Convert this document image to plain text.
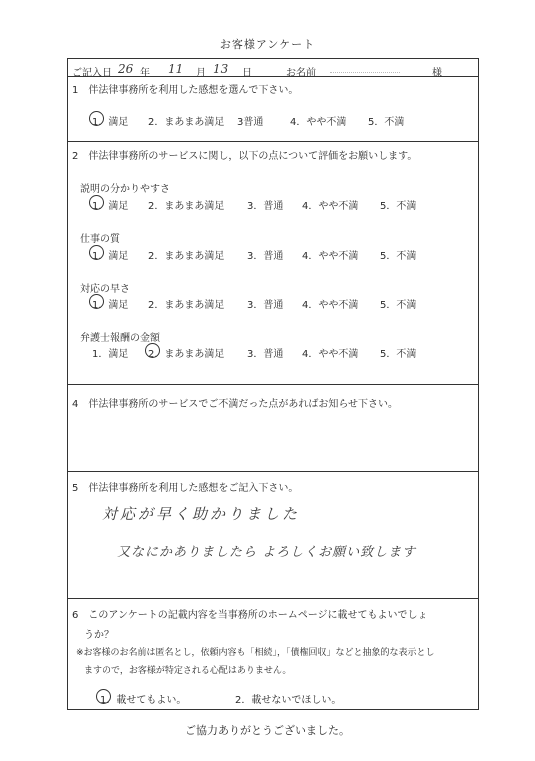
お客様アンケート
ご記入日 26 年 11 月 13 日	お名前	様
1　伴法律事務所を利用した感想を選んで下さい。
1．満足 2．まあまあ満足 3普通	4．やや不満 5．不満
2　伴法律事務所のサービスに関し，以下の点について評価をお願いします。
説明の分かりやすさ
1．満足 2．まあまあ満足 3．普通 4．やや不満 5．不満
仕事の質
1．満足 2．まあまあ満足 3．普通 4．やや不満 5．不満
対応の早さ
1．満足 2．まあまあ満足 3．普通 4．やや不満 5．不満
弁護士報酬の金額
1．満足 2．まあまあ満足 3．普通 4．やや不満 5．不満
4　伴法律事務所のサービスでご不満だった点があればお知らせ下さい。
5　伴法律事務所を利用した感想をご記入下さい。
対応が早く助かりました
又なにかありましたら よろしくお願い致します
6　このアンケートの記載内容を当事務所のホームページに載せてもよいでしょ
うか？
※お客様のお名前は匿名とし，依頼内容も「相続」，「債権回収」などと抽象的な表示とし
ますので，お客様が特定される心配はありません。
1．載せてもよい。	2．載せないでほしい。
ご協力ありがとうございました。
